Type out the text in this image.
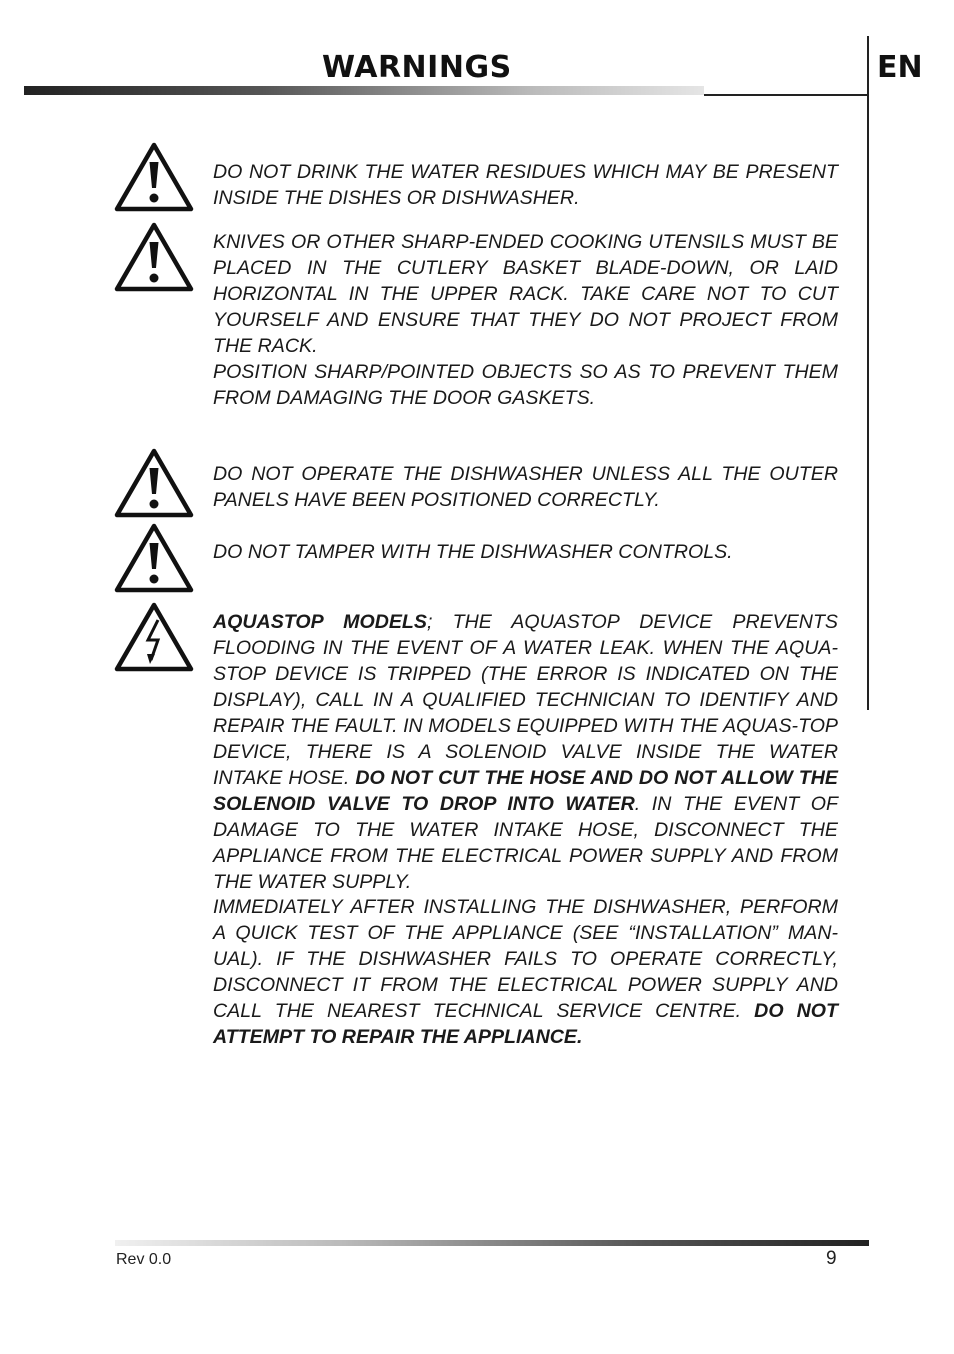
WARNINGS	EN

DO NOT DRINK THE WATER RESIDUES WHICH MAY BE PRESENT INSIDE THE DISHES OR DISHWASHER.

KNIVES OR OTHER SHARP-ENDED COOKING UTENSILS MUST BE PLACED IN THE CUTLERY BASKET BLADE-DOWN, OR LAID HORIZONTAL IN THE UPPER RACK. TAKE CARE NOT TO CUT YOURSELF AND ENSURE THAT THEY DO NOT PROJECT FROM THE RACK.

POSITION SHARP/POINTED OBJECTS SO AS TO PREVENT THEM FROM DAMAGING THE DOOR GASKETS.

DO NOT OPERATE THE DISHWASHER UNLESS ALL THE OUTER PANELS HAVE BEEN POSITIONED CORRECTLY.

DO NOT TAMPER WITH THE DISHWASHER CONTROLS.

AQUASTOP MODELS; THE AQUASTOP DEVICE PREVENTS FLOODING IN THE EVENT OF A WATER LEAK. WHEN THE AQUA-STOP DEVICE IS TRIPPED (THE ERROR IS INDICATED ON THE DISPLAY), CALL IN A QUALIFIED TECHNICIAN TO IDENTIFY AND REPAIR THE FAULT. IN MODELS EQUIPPED WITH THE AQUAS-TOP DEVICE, THERE IS A SOLENOID VALVE INSIDE THE WATER INTAKE HOSE. DO NOT CUT THE HOSE AND DO NOT ALLOW THE SOLENOID VALVE TO DROP INTO WATER. IN THE EVENT OF DAMAGE TO THE WATER INTAKE HOSE, DISCONNECT THE APPLIANCE FROM THE ELECTRICAL POWER SUPPLY AND FROM THE WATER SUPPLY.

IMMEDIATELY AFTER INSTALLING THE DISHWASHER, PERFORM A QUICK TEST OF THE APPLIANCE (SEE “INSTALLATION” MAN-UAL). IF THE DISHWASHER FAILS TO OPERATE CORRECTLY, DISCONNECT IT FROM THE ELECTRICAL POWER SUPPLY AND CALL THE NEAREST TECHNICAL SERVICE CENTRE. DO NOT ATTEMPT TO REPAIR THE APPLIANCE.

Rev 0.0	9
